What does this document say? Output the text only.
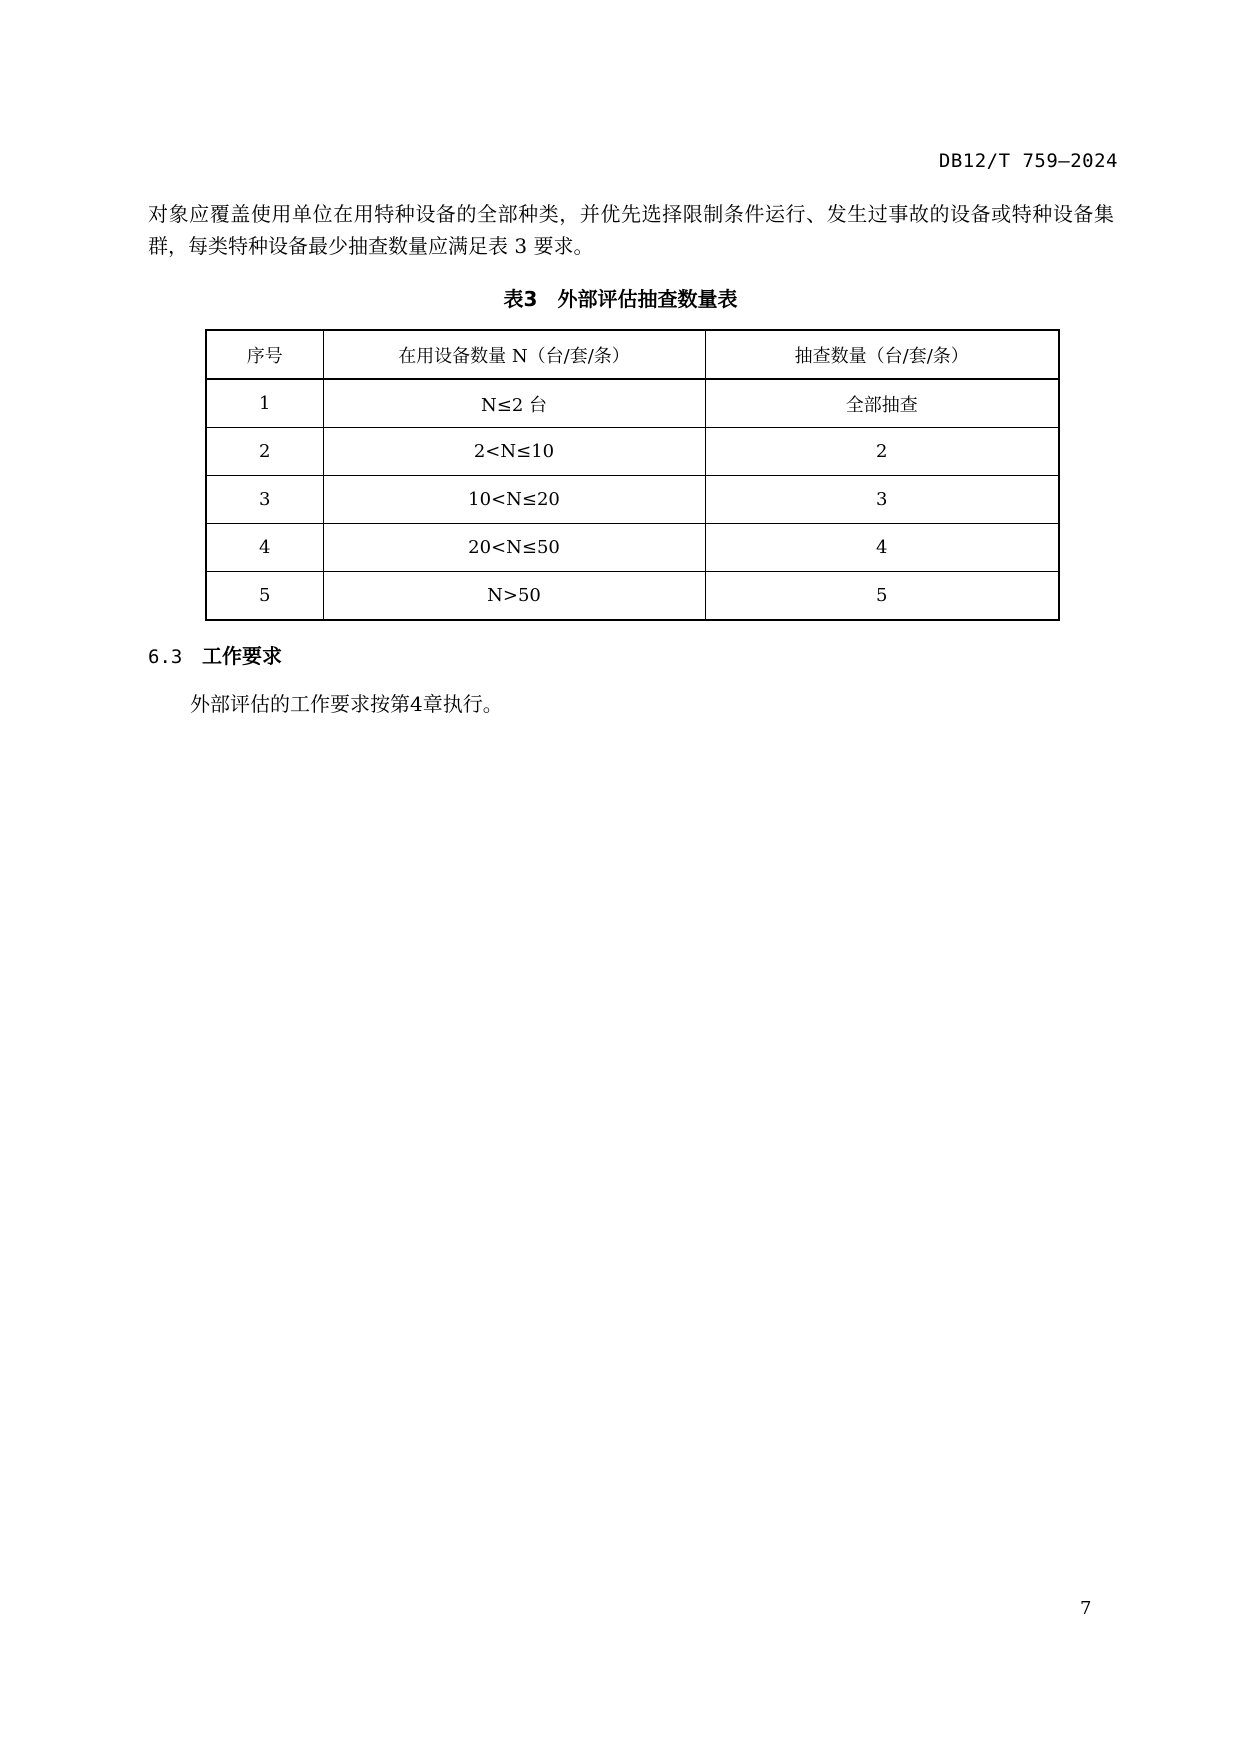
DB12/T 759—2024
对象应覆盖使用单位在用特种设备的全部种类，并优先选择限制条件运行、发生过事故的设备或特种设备集群，每类特种设备最少抽查数量应满足表 3 要求。
表3　外部评估抽查数量表
序号	在用设备数量 N（台/套/条）	抽查数量（台/套/条）
1	N≤2 台	全部抽查
2	2<N≤10	2
3	10<N≤20	3
4	20<N≤50	4
5	N>50	5
6.3 工作要求
外部评估的工作要求按第4章执行。
7
